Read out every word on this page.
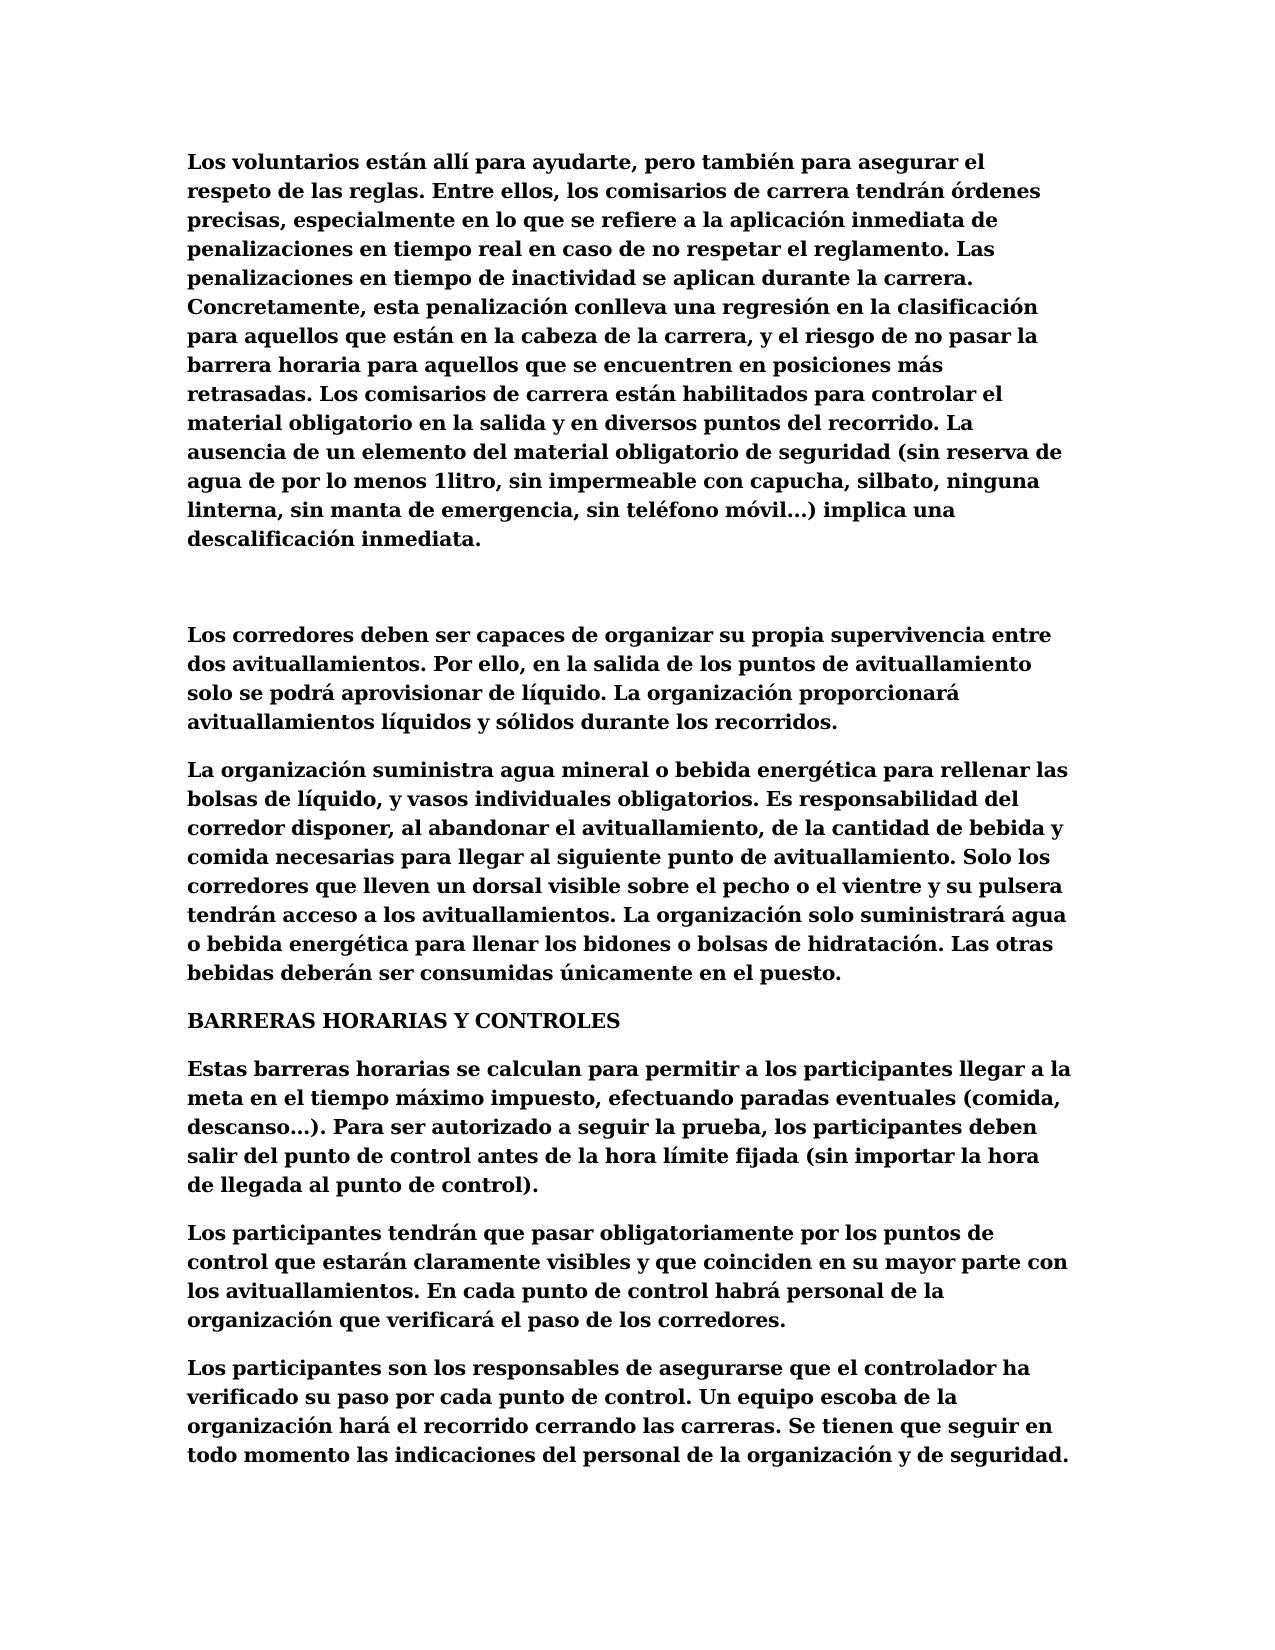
Los voluntarios están allí para ayudarte, pero también para asegurar el
respeto de las reglas. Entre ellos, los comisarios de carrera tendrán órdenes
precisas, especialmente en lo que se refiere a la aplicación inmediata de
penalizaciones en tiempo real en caso de no respetar el reglamento. Las
penalizaciones en tiempo de inactividad se aplican durante la carrera.
Concretamente, esta penalización conlleva una regresión en la clasificación
para aquellos que están en la cabeza de la carrera, y el riesgo de no pasar la
barrera horaria para aquellos que se encuentren en posiciones más
retrasadas. Los comisarios de carrera están habilitados para controlar el
material obligatorio en la salida y en diversos puntos del recorrido. La
ausencia de un elemento del material obligatorio de seguridad (sin reserva de
agua de por lo menos 1litro, sin impermeable con capucha, silbato, ninguna
linterna, sin manta de emergencia, sin teléfono móvil...) implica una
descalificación inmediata.

Los corredores deben ser capaces de organizar su propia supervivencia entre
dos avituallamientos. Por ello, en la salida de los puntos de avituallamiento
solo se podrá aprovisionar de líquido. La organización proporcionará
avituallamientos líquidos y sólidos durante los recorridos.

La organización suministra agua mineral o bebida energética para rellenar las
bolsas de líquido, y vasos individuales obligatorios. Es responsabilidad del
corredor disponer, al abandonar el avituallamiento, de la cantidad de bebida y
comida necesarias para llegar al siguiente punto de avituallamiento. Solo los
corredores que lleven un dorsal visible sobre el pecho o el vientre y su pulsera
tendrán acceso a los avituallamientos. La organización solo suministrará agua
o bebida energética para llenar los bidones o bolsas de hidratación. Las otras
bebidas deberán ser consumidas únicamente en el puesto.

BARRERAS HORARIAS Y CONTROLES

Estas barreras horarias se calculan para permitir a los participantes llegar a la
meta en el tiempo máximo impuesto, efectuando paradas eventuales (comida,
descanso…). Para ser autorizado a seguir la prueba, los participantes deben
salir del punto de control antes de la hora límite fijada (sin importar la hora
de llegada al punto de control).

Los participantes tendrán que pasar obligatoriamente por los puntos de
control que estarán claramente visibles y que coinciden en su mayor parte con
los avituallamientos. En cada punto de control habrá personal de la
organización que verificará el paso de los corredores.

Los participantes son los responsables de asegurarse que el controlador ha
verificado su paso por cada punto de control. Un equipo escoba de la
organización hará el recorrido cerrando las carreras. Se tienen que seguir en
todo momento las indicaciones del personal de la organización y de seguridad.
